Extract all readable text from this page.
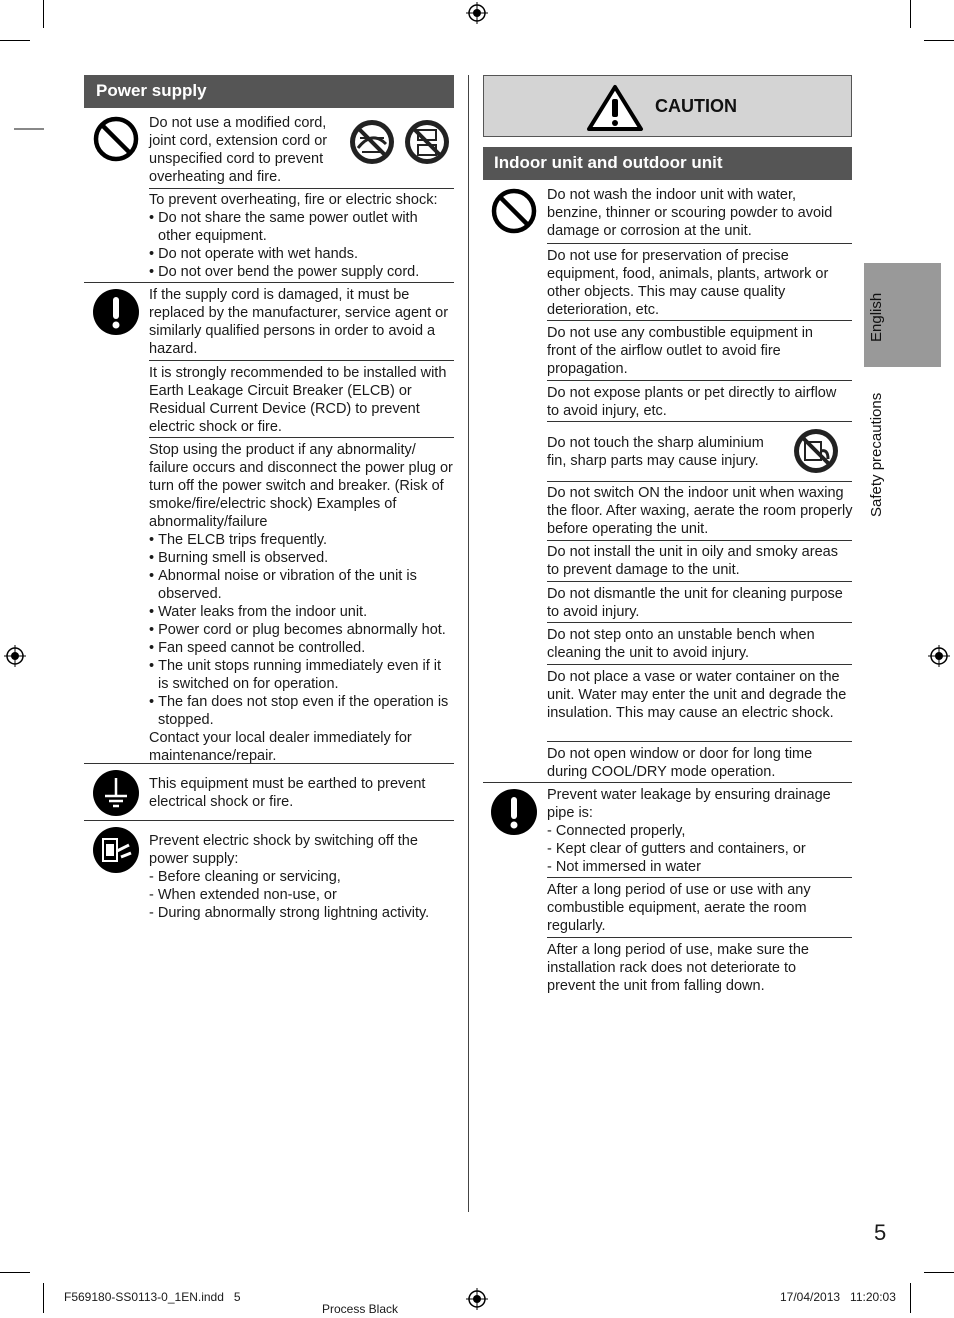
Power supply
Do not use a modified cord, joint cord, extension cord or unspecified cord to prevent overheating and fire.

To prevent overheating, fire or electric shock:

• Do not share the same power outlet with other equipment.

• Do not operate with wet hands.

• Do not over bend the power supply cord.

If the supply cord is damaged, it must be replaced by the manufacturer, service agent or similarly qualified persons in order to avoid a hazard.
It is strongly recommended to be installed with Earth Leakage Circuit Breaker (ELCB) or Residual Current Device (RCD) to prevent electric shock or fire.

Stop using the product if any abnormality/ failure occurs and disconnect the power plug or turn off the power switch and breaker. (Risk of smoke/fire/electric shock) Examples of abnormality/failure

• The ELCB trips frequently.

• Burning smell is observed.

• Abnormal noise or vibration of the unit is observed.

• Water leaks from the indoor unit.

• Power cord or plug becomes abnormally hot.

• Fan speed cannot be controlled.

• The unit stops running immediately even if it is switched on for operation.

• The fan does not stop even if the operation is stopped.

Contact your local dealer immediately for maintenance/repair.

This equipment must be earthed to prevent electrical shock or fire.

Prevent electric shock by switching off the power supply:

- Before cleaning or servicing,

- When extended non-use, or

- During abnormally strong lightning activity.

CAUTION
Indoor unit and outdoor unit
Do not wash the indoor unit with water, benzine, thinner or scouring powder to avoid damage or corrosion at the unit.
Do not use for preservation of precise equipment, food, animals, plants, artwork or other objects. This may cause quality deterioration, etc.
Do not use any combustible equipment in front of the airflow outlet to avoid fire propagation.
Do not expose plants or pet directly to airflow to avoid injury, etc.
Do not touch the sharp aluminium fin, sharp parts may cause injury.
Do not switch ON the indoor unit when waxing the floor. After waxing, aerate the room properly before operating the unit.
Do not install the unit in oily and smoky areas to prevent damage to the unit.
Do not dismantle the unit for cleaning purpose to avoid injury.
Do not step onto an unstable bench when cleaning the unit to avoid injury.
Do not place a vase or water container on the unit. Water may enter the unit and degrade the insulation. This may cause an electric shock.
Do not open window or door for long time during COOL/DRY mode operation.

Prevent water leakage by ensuring drainage pipe is:

- Connected properly,

- Kept clear of gutters and containers, or

- Not immersed in water

After a long period of use or use with any combustible equipment, aerate the room regularly.
After a long period of use, make sure the installation rack does not deteriorate to prevent the unit from falling down.
English
Safety precautions
5
F569180-SS0113-0_1EN.indd   5
Process Black
17/04/2013   11:20:03
